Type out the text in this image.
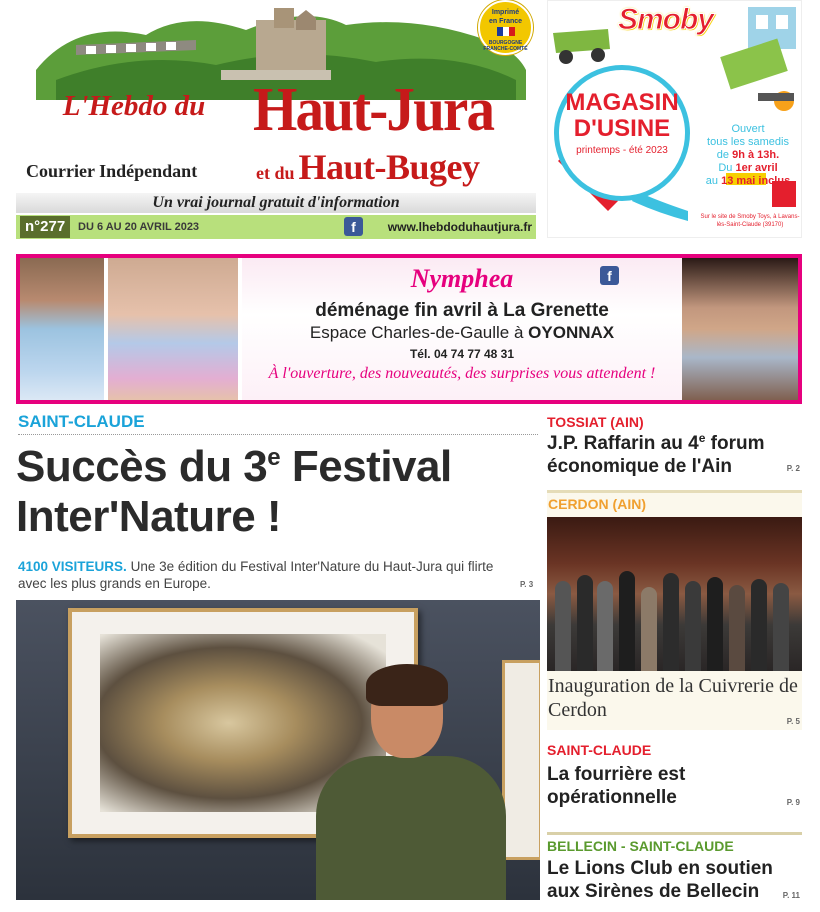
Imprimé
en France
BOURGOGNE FRANCHE-COMTÉ
L'Hebdo du Haut-Jura
et du Haut-Bugey
Courrier Indépendant
Un vrai journal gratuit d'information
n°277	DU 6 AU 20 AVRIL 2023	f	www.lhebdoduhautjura.fr
Smoby
MAGASIN D'USINE
printemps - été 2023
Ouvert
tous les samedis
de 9h à 13h.
Du 1er avril
au 13 mai inclus
Sur le site de Smoby Toys, à Lavans-lès-Saint-Claude (39170)
Nymphea
déménage fin avril à La Grenette
Espace Charles-de-Gaulle à OYONNAX
Tél. 04 74 77 48 31
À l'ouverture, des nouveautés, des surprises vous attendent !
f
SAINT-CLAUDE
Succès du 3e Festival Inter'Nature !
4100 VISITEURS. Une 3e édition du Festival Inter'Nature du Haut-Jura qui flirte avec les plus grands en Europe.	P. 3
TOSSIAT (AIN)
J.P. Raffarin au 4e forum économique de l'Ain	P. 2
CERDON (AIN)
Inauguration de la Cuivrerie de Cerdon
P. 5
SAINT-CLAUDE
La fourrière est opérationnelle	P. 9
BELLECIN - SAINT-CLAUDE
Le Lions Club en soutien aux Sirènes de Bellecin	P. 11
